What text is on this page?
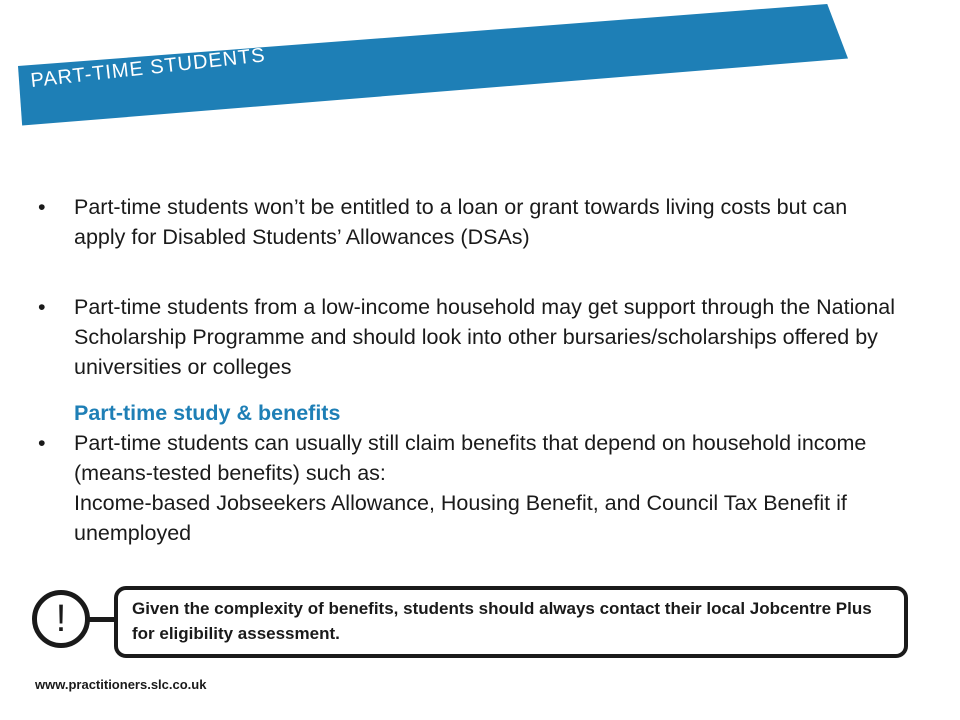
PART-TIME STUDENTS
•	Part-time students won’t be entitled to a loan or grant towards living costs but can apply for Disabled Students’ Allowances (DSAs)
•	Part-time students from a low-income household may get support through the National Scholarship Programme and should look into other bursaries/scholarships offered by universities or colleges
Part-time study & benefits
•	Part-time students can usually still claim benefits that depend on household income (means-tested benefits) such as:
Income-based Jobseekers Allowance, Housing Benefit, and Council Tax Benefit if unemployed
!	Given the complexity of benefits, students should always contact their local Jobcentre Plus for eligibility assessment.
www.practitioners.slc.co.uk
